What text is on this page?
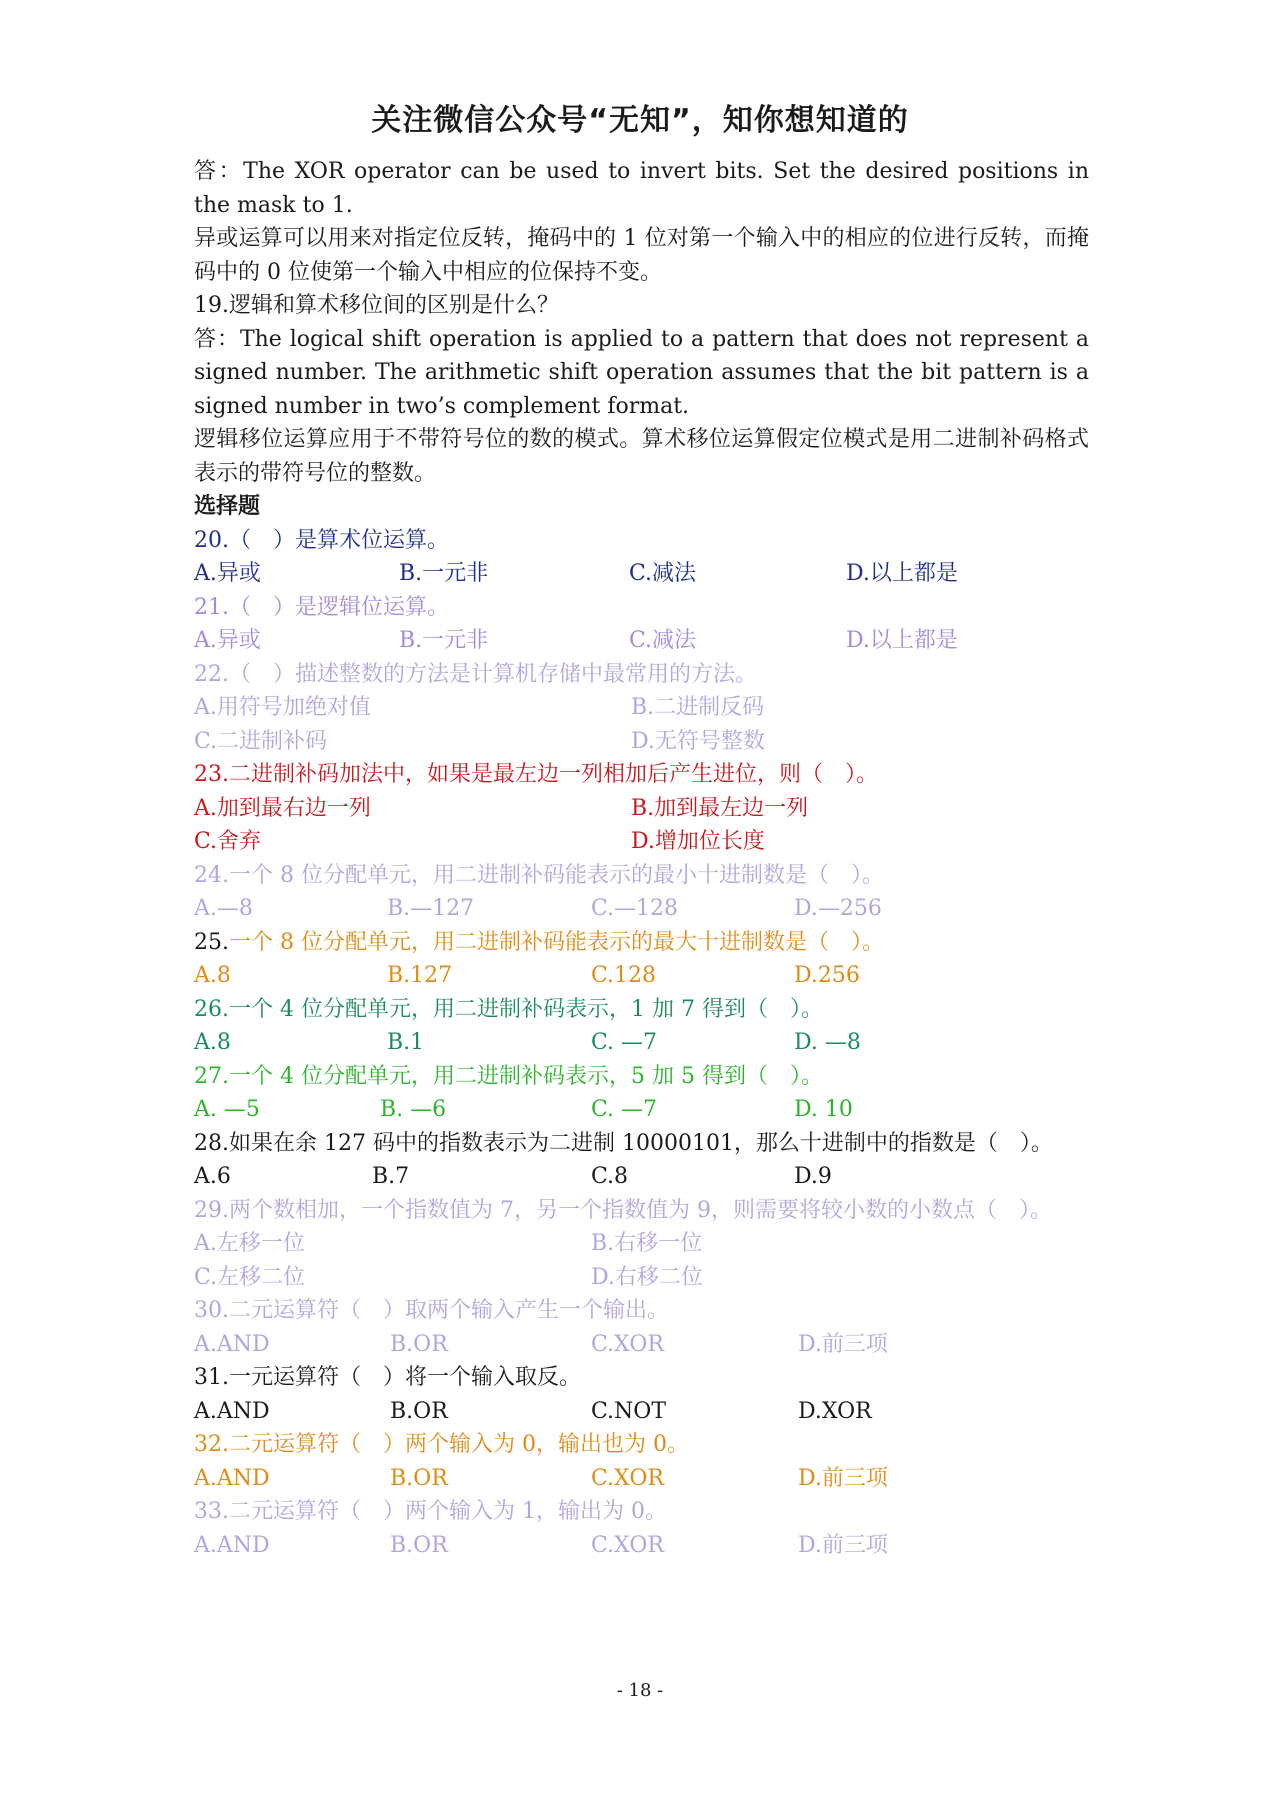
关注微信公众号“无知”，知你想知道的
答：The XOR operator can be used to invert bits. Set the desired positions in the mask to 1.
异或运算可以用来对指定位反转，掩码中的 1 位对第一个输入中的相应的位进行反转，而掩码中的 0 位使第一个输入中相应的位保持不变。
19.逻辑和算术移位间的区别是什么？
答：The logical shift operation is applied to a pattern that does not represent a signed number. The arithmetic shift operation assumes that the bit pattern is a signed number in two’s complement format.
逻辑移位运算应用于不带符号位的数的模式。算术移位运算假定位模式是用二进制补码格式表示的带符号位的整数。
选择题
20.（　）是算术位运算。
A.异或	B.一元非	C.减法	D.以上都是
21.（　）是逻辑位运算。
A.异或	B.一元非	C.减法	D.以上都是
22.（　）描述整数的方法是计算机存储中最常用的方法。
A.用符号加绝对值	B.二进制反码
C.二进制补码	D.无符号整数
23.二进制补码加法中，如果是最左边一列相加后产生进位，则（　）。
A.加到最右边一列	B.加到最左边一列
C.舍弃	D.增加位长度
24.一个 8 位分配单元，用二进制补码能表示的最小十进制数是（　）。
A.—8	B.—127	C.—128	D.—256
25.一个 8 位分配单元，用二进制补码能表示的最大十进制数是（　）。
A.8	B.127	C.128	D.256
26.一个 4 位分配单元，用二进制补码表示，1 加 7 得到（　）。
A.8	B.1	C. —7	D. —8
27.一个 4 位分配单元，用二进制补码表示，5 加 5 得到（　）。
A. —5	B. —6	C. —7	D. 10
28.如果在余 127 码中的指数表示为二进制 10000101，那么十进制中的指数是（　）。
A.6	B.7	C.8	D.9
29.两个数相加，一个指数值为 7，另一个指数值为 9，则需要将较小数的小数点（　）。
A.左移一位	B.右移一位
C.左移二位	D.右移二位
30.二元运算符（　）取两个输入产生一个输出。
A.AND	B.OR	C.XOR	D.前三项
31.一元运算符（　）将一个输入取反。
A.AND	B.OR	C.NOT	D.XOR
32.二元运算符（　）两个输入为 0，输出也为 0。
A.AND	B.OR	C.XOR	D.前三项
33.二元运算符（　）两个输入为 1，输出为 0。
A.AND	B.OR	C.XOR	D.前三项
- 18 -
